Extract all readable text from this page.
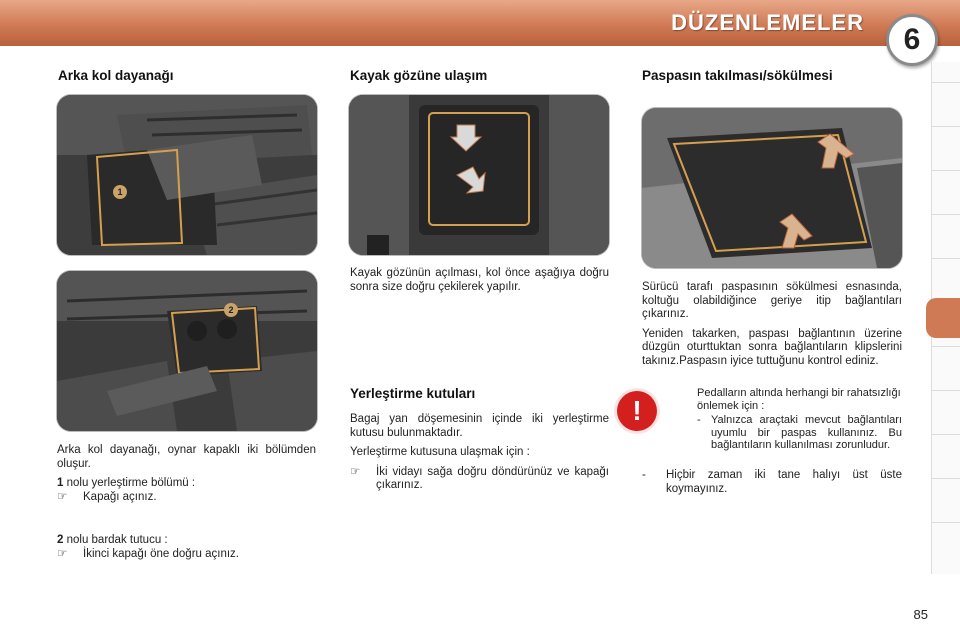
DÜZENLEMELER
6
Arka kol dayanağı
1
2

Arka kol dayanağı, oynar kapaklı iki bölümden oluşur.

1 nolu yerleştirme bölümü :

☞	Kapağı açınız.

2 nolu bardak tutucu :

☞	İkinci kapağı öne doğru açınız.
Kayak gözüne ulaşım
Kayak gözünün açılması, kol önce aşağıya doğru sonra size doğru çekilerek yapılır.
Yerleştirme kutuları

Bagaj yan döşemesinin içinde iki yerleştirme kutusu bulunmaktadır.

Yerleştirme kutusuna ulaşmak için :

☞	İki vidayı sağa doğru döndürünüz ve kapağı çıkarınız.
Paspasın takılması/sökülmesi

Sürücü tarafı paspasının sökülmesi esnasında, koltuğu olabildiğince geriye itip bağlantıları çıkarınız.

Yeniden takarken, paspası bağlantının üzerine düzgün oturttuktan sonra bağlantıların klipslerini takınız.Paspasın iyice tuttuğunu kontrol ediniz.

!

Pedalların altında herhangi bir rahatsızlığı önlemek için :

- Yalnızca araçtaki mevcut bağlantıları uyumlu bir paspas kullanınız. Bu bağlantıların kullanılması zorunludur.
-	Hiçbir zaman iki tane halıyı üst üste koymayınız.
85
